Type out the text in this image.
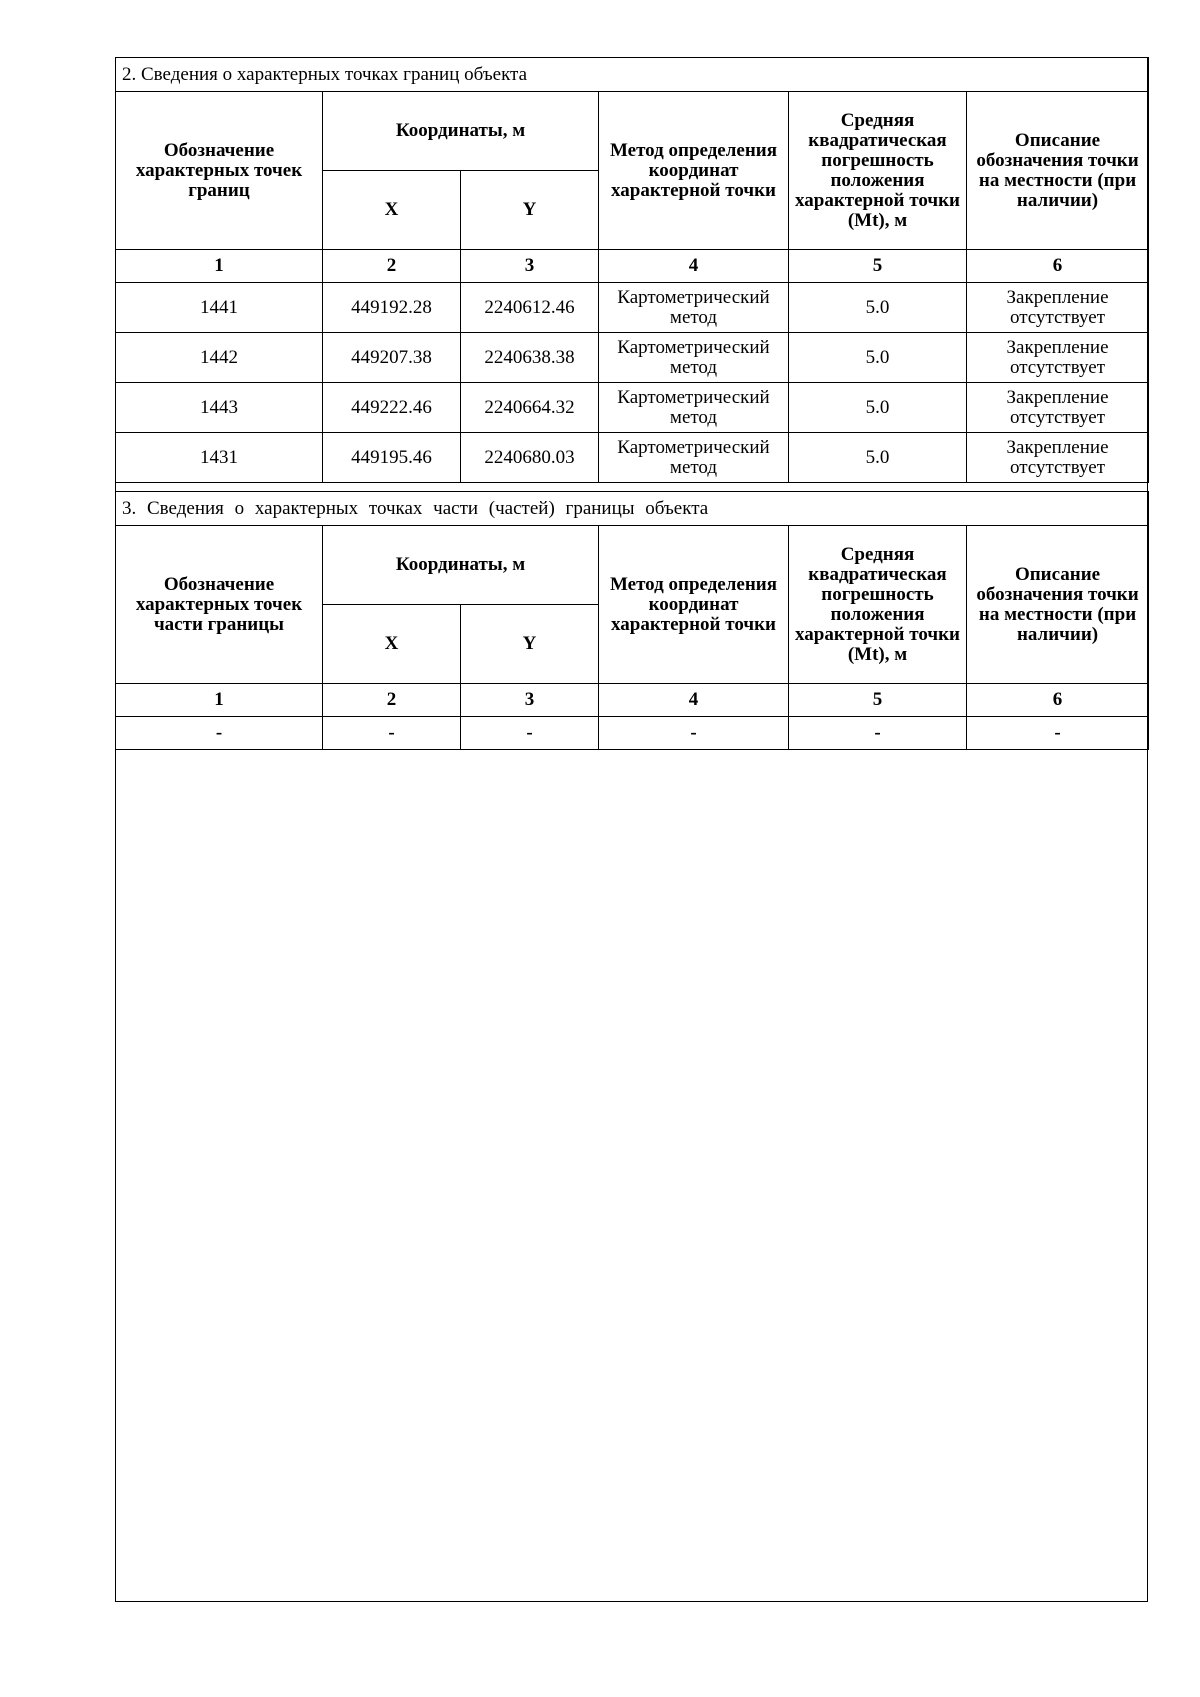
2. Сведения о характерных точках границ объекта					
Обозначение характерных точек границ	Координаты, м		Метод определения координат характерной точки	Средняя квадратическая погрешность положения характерной точки (Mt), м	Описание обозначения точки на местности (при наличии)
	X	Y			
1	2	3	4	5	6
1441	449192.28	2240612.46	Картометрический метод	5.0	Закрепление отсутствует
1442	449207.38	2240638.38	Картометрический метод	5.0	Закрепление отсутствует
1443	449222.46	2240664.32	Картометрический метод	5.0	Закрепление отсутствует
1431	449195.46	2240680.03	Картометрический метод	5.0	Закрепление отсутствует
3. Сведения о характерных точках части (частей) границы объекта					
Обозначение характерных точек части границы	Координаты, м		Метод определения координат характерной точки	Средняя квадратическая погрешность положения характерной точки (Mt), м	Описание обозначения точки на местности (при наличии)
	X	Y			
1	2	3	4	5	6
-	-	-	-	-	-
